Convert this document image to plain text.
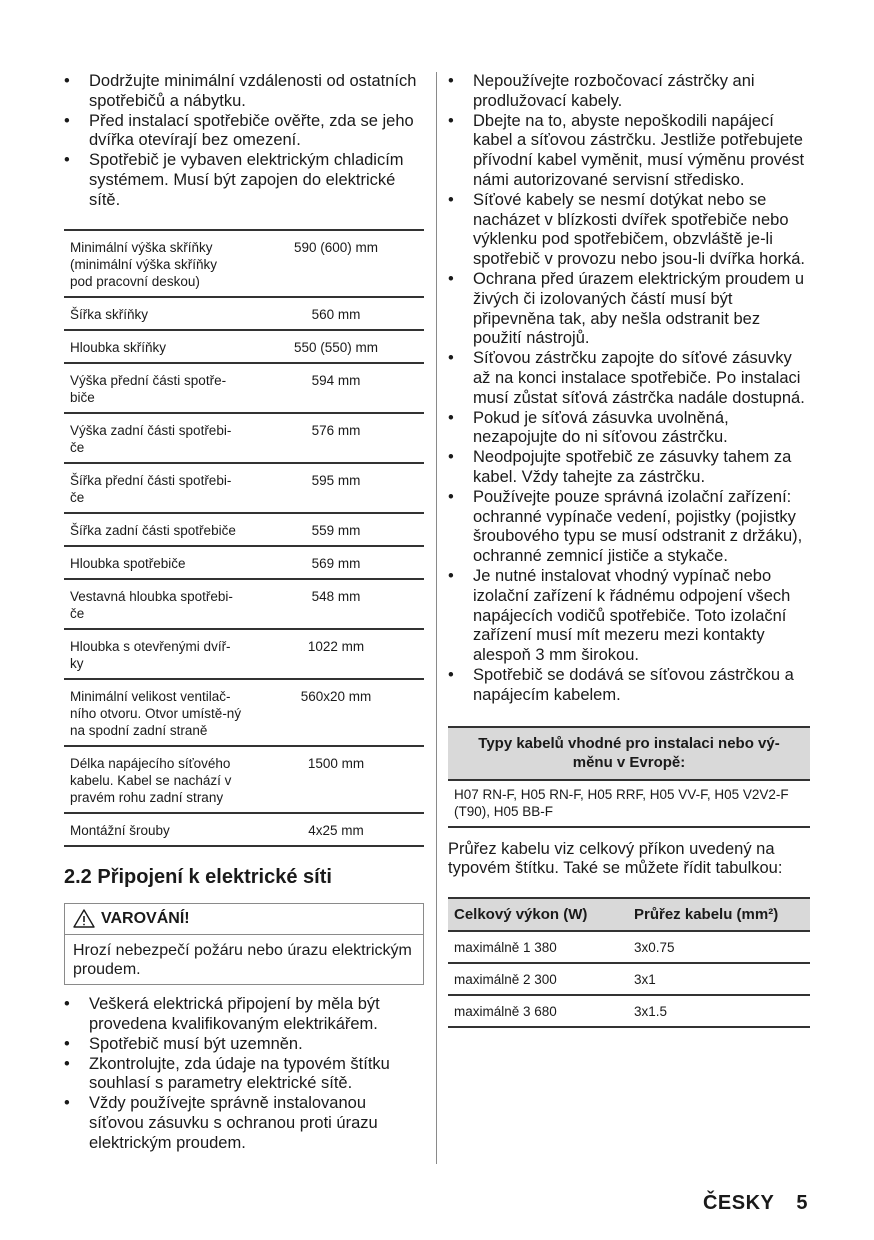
• Dodržujte minimální vzdálenosti od ostatních spotřebičů a nábytku.
• Před instalací spotřebiče ověřte, zda se jeho dvířka otevírají bez omezení.
• Spotřebič je vybaven elektrickým chladicím systémem. Musí být zapojen do elektrické sítě.
Minimální výška skříňky (minimální výška skříňky pod pracovní deskou)	590 (600) mm
Šířka skříňky	560 mm
Hloubka skříňky	550 (550) mm
Výška přední části spotře-biče	594 mm
Výška zadní části spotřebi-če	576 mm
Šířka přední části spotřebi-če	595 mm
Šířka zadní části spotřebiče	559 mm
Hloubka spotřebiče	569 mm
Vestavná hloubka spotřebi-če	548 mm
Hloubka s otevřenými dvíř-ky	1022 mm
Minimální velikost ventilač-ního otvoru. Otvor umístě-ný na spodní zadní straně	560x20 mm
Délka napájecího síťového kabelu. Kabel se nachází v pravém rohu zadní strany	1500 mm
Montážní šrouby	4x25 mm
2.2 Připojení k elektrické síti
VAROVÁNÍ!
Hrozí nebezpečí požáru nebo úrazu elektrickým proudem.
• Veškerá elektrická připojení by měla být provedena kvalifikovaným elektrikářem.
• Spotřebič musí být uzemněn.
• Zkontrolujte, zda údaje na typovém štítku souhlasí s parametry elektrické sítě.
• Vždy používejte správně instalovanou síťovou zásuvku s ochranou proti úrazu elektrickým proudem.
• Nepoužívejte rozbočovací zástrčky ani prodlužovací kabely.
• Dbejte na to, abyste nepoškodili napájecí kabel a síťovou zástrčku. Jestliže potřebujete přívodní kabel vyměnit, musí výměnu provést námi autorizované servisní středisko.
• Síťové kabely se nesmí dotýkat nebo se nacházet v blízkosti dvířek spotřebiče nebo výklenku pod spotřebičem, obzvláště je-li spotřebič v provozu nebo jsou-li dvířka horká.
• Ochrana před úrazem elektrickým proudem u živých či izolovaných částí musí být připevněna tak, aby nešla odstranit bez použití nástrojů.
• Síťovou zástrčku zapojte do síťové zásuvky až na konci instalace spotřebiče. Po instalaci musí zůstat síťová zástrčka nadále dostupná.
• Pokud je síťová zásuvka uvolněná, nezapojujte do ni síťovou zástrčku.
• Neodpojujte spotřebič ze zásuvky tahem za kabel. Vždy tahejte za zástrčku.
• Používejte pouze správná izolační zařízení: ochranné vypínače vedení, pojistky (pojistky šroubového typu se musí odstranit z držáku), ochranné zemnicí jističe a stykače.
• Je nutné instalovat vhodný vypínač nebo izolační zařízení k řádnému odpojení všech napájecích vodičů spotřebiče. Toto izolační zařízení musí mít mezeru mezi kontakty alespoň 3 mm širokou.
• Spotřebič se dodává se síťovou zástrčkou a napájecím kabelem.
Typy kabelů vhodné pro instalaci nebo vý-měnu v Evropě:
H07 RN-F, H05 RN-F, H05 RRF, H05 VV-F, H05 V2V2-F (T90), H05 BB-F

Průřez kabelu viz celkový příkon uvedený na typovém štítku. Také se můžete řídit tabulkou:

Celkový výkon (W)	Průřez kabelu (mm²)
maximálně 1 380	3x0.75
maximálně 2 300	3x1
maximálně 3 680	3x1.5
ČESKY 5
